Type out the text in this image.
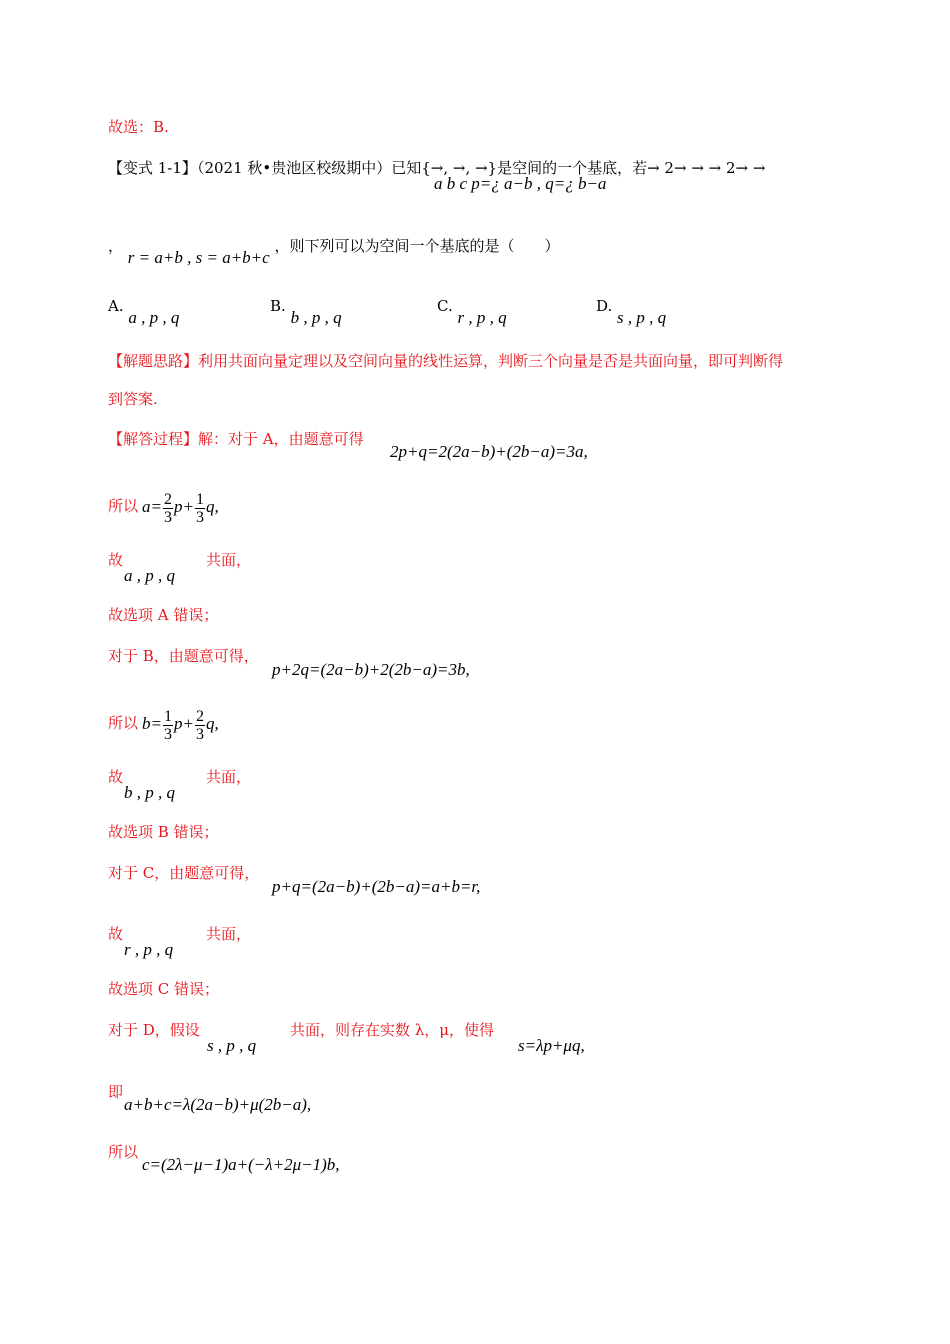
故选：B.
【变式 1-1】（2021 秋•贵池区校级期中）已知{→, →, →}是空间的一个基底，若→ 2→ → → 2→ →
a b c p=¿ a−b , q=¿ b−a
， r = a+b , s = a+b+c ，则下列可以为空间一个基底的是（　　）
A. a , p , q
B. b , p , q
C. r , p , q
D. s , p , q
【解题思路】利用共面向量定理以及空间向量的线性运算，判断三个向量是否是共面向量，即可判断得
到答案.
【解答过程】解：对于 A，由题意可得
2p+q=2(2a−b)+(2b−a)=3a,
所以 $a= \frac{2}{3} p+ \frac{1}{3} q$,
故
a , p , q
共面，
故选项 A 错误；
对于 B，由题意可得，
p+2q=(2a−b)+2(2b−a)=3b,
所以 $b= \frac{1}{3} p+ \frac{2}{3} q$,
故
b , p , q
共面，
故选项 B 错误；
对于 C，由题意可得，
p+q=(2a−b)+(2b−a)=a+b=r,
故
r , p , q
共面，
故选项 C 错误；
对于 D，假设
s , p , q
共面，则存在实数 λ，μ，使得
s=λp+μq,
即
a+b+c=λ(2a−b)+μ(2b−a),
所以
c=(2λ−μ−1)a+(−λ+2μ−1)b,
